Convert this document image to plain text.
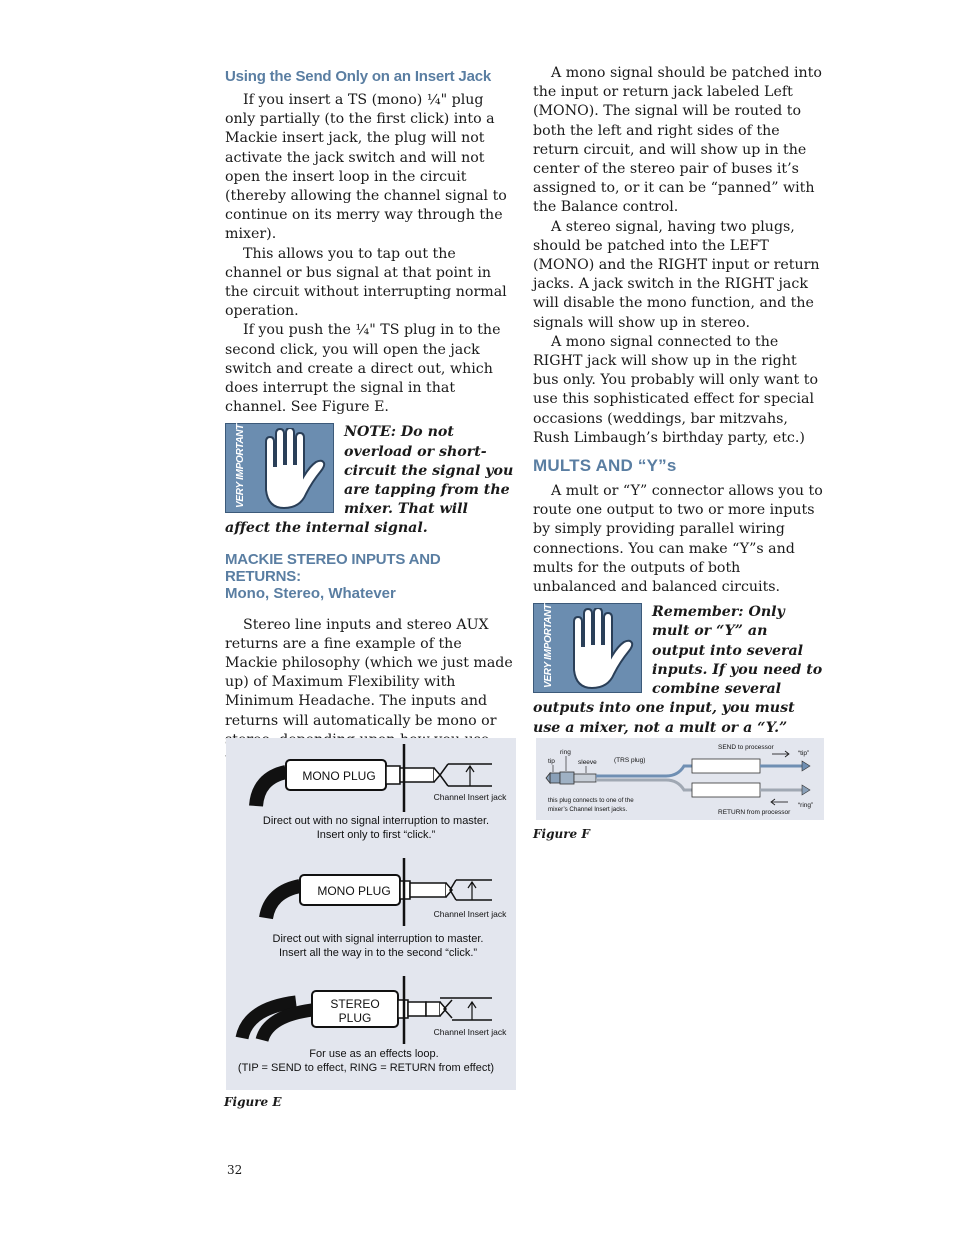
Using the Send Only on an Insert Jack

If you insert a TS (mono) ¼" plug only partially (to the first click) into a Mackie insert jack, the plug will not activate the jack switch and will not open the insert loop in the circuit (thereby allowing the channel signal to continue on its merry way through the mixer).

This allows you to tap out the channel or bus signal at that point in the circuit without interrupting normal operation.

If you push the ¼" TS plug in to the second click, you will open the jack switch and create a direct out, which does interrupt the signal in that channel. See Figure E.

VERY IMPORTANT	NOTE: Do not overload or short-circuit the signal you are tapping from the mixer. That will affect the internal signal.
MACKIE STEREO INPUTS AND RETURNS:
Mono, Stereo, Whatever

Stereo line inputs and stereo AUX returns are a fine example of the Mackie philosophy (which we just made up) of Maximum Flexibility with Minimum Headache. The inputs and returns will automatically be mono or

A mono signal should be patched into the input or return jack labeled Left (MONO). The signal will be routed to both the left and right sides of the return circuit, and will show up in the center of the stereo pair of buses it’s assigned to, or it can be “panned” with the Balance control.

A stereo signal, having two plugs, should be patched into the LEFT (MONO) and the RIGHT input or return jacks. A jack switch in the RIGHT jack will disable the mono function, and the signals will show up in stereo.

A mono signal connected to the RIGHT jack will show up in the right bus only. You probably will only want to use this sophisticated effect for special occasions (weddings, bar mitzvahs, Rush Limbaugh’s birthday party, etc.)

MULTS AND “Y”s

A mult or “Y” connector allows you to route one output to two or more inputs by simply providing parallel wiring connections. You can make “Y”s and mults for the outputs of both unbalanced and balanced circuits.

VERY IMPORTANT	Remember: Only mult or “Y” an output into several inputs. If you need to combine several outputs into one input, you must use a mixer, not a mult or a “Y.”
MONO PLUG
Channel Insert jack
Direct out with no signal interruption to master.
Insert only to first “click.”
MONO PLUG
Channel Insert jack
Direct out with signal interruption to master.
Insert all the way in to the second “click.”
STEREO
PLUG
Channel Insert jack
For use as an effects loop.
(TIP = SEND to effect, RING = RETURN from effect)
Figure E
ring
tip	sleeve	(TRS plug)
this plug connects to one of the
mixer’s Channel Insert jacks.
SEND to processor
RETURN from processor
“tip”
“ring”
Figure F
32
